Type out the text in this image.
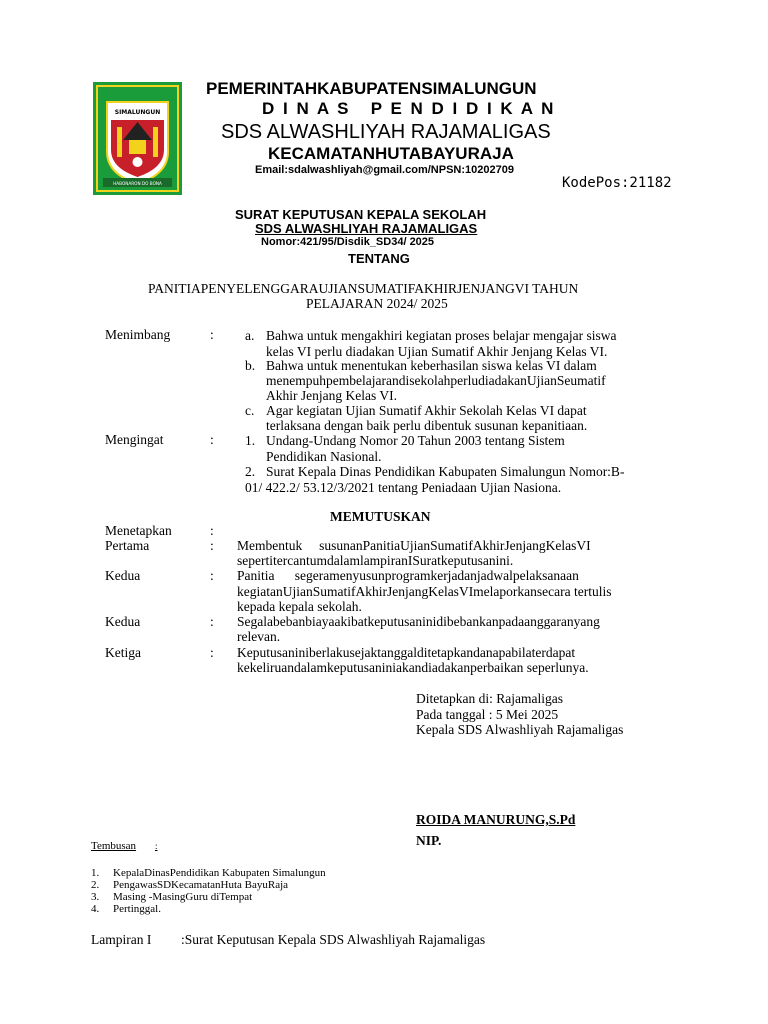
SIMALUNGUN
HABONARON DO BONA
PEMERINTAHKABUPATENSIMALUNGUN
D I N A S   P E N D I D I K A N
SDS ALWASHLIYAH RAJAMALIGAS
KECAMATANHUTABAYURAJA
Email:sdalwashliyah@gmail.com/NPSN:10202709
KodePos:21182
SURAT KEPUTUSAN KEPALA SEKOLAH
SDS ALWASHLIYAH RAJAMALIGAS
Nomor:421/95/Disdik_SD34/ 2025
TENTANG
PANITIAPENYELENGGARAUJIANSUMATIFAKHIRJENJANGVI TAHUN
PELAJARAN 2024/ 2025
Menimbang	: a. Bahwa untuk mengakhiri kegiatan proses belajar mengajar siswa
kelas VI perlu diadakan Ujian Sumatif Akhir Jenjang Kelas VI.
b. Bahwa untuk menentukan keberhasilan siswa kelas VI dalam
menempuhpembelajarandisekolahperludiadakanUjianSeumatif
Akhir Jenjang Kelas VI.
c. Agar kegiatan Ujian Sumatif Akhir Sekolah Kelas VI dapat
terlaksana dengan baik perlu dibentuk susunan kepanitiaan.
Mengingat	: 1. Undang-Undang Nomor 20 Tahun 2003 tentang Sistem
Pendidikan Nasional.
2. Surat Kepala Dinas Pendidikan Kabupaten Simalungun Nomor:B-
01/ 422.2/ 53.12/3/2021 tentang Peniadaan Ujian Nasiona.
MEMUTUSKAN
Menetapkan	:
Pertama	: Membentuk     susunanPanitiaUjianSumatifAkhirJenjangKelasVI
sepertitercantumdalamlampiranISuratkeputusanini.
Kedua	: Panitia      segeramenyusunprogramkerjadanjadwalpelaksanaan
kegiatanUjianSumatifAkhirJenjangKelasVImelaporkansecara tertulis
kepada kepala sekolah.
Kedua	: Segalabebanbiayaakibatkeputusaninidibebankanpadaanggaranyang
relevan.
Ketiga	: Keputusaniniberlakusejaktanggalditetapkandanapabilaterdapat
kekeliruandalamkeputusaniniakandiadakanperbaikan seperlunya.
Ditetapkan di: Rajamaligas
Pada tanggal : 5 Mei 2025
Kepala SDS Alwashliyah Rajamaligas
ROIDA MANURUNG,S.Pd
NIP.
Tembusan :
1. KepalaDinasPendidikan Kabupaten Simalungun
2. PengawasSDKecamatanHuta BayuRaja
3. Masing -MasingGuru diTempat
4. Pertinggal.
Lampiran I :Surat Keputusan Kepala SDS Alwashliyah Rajamaligas
